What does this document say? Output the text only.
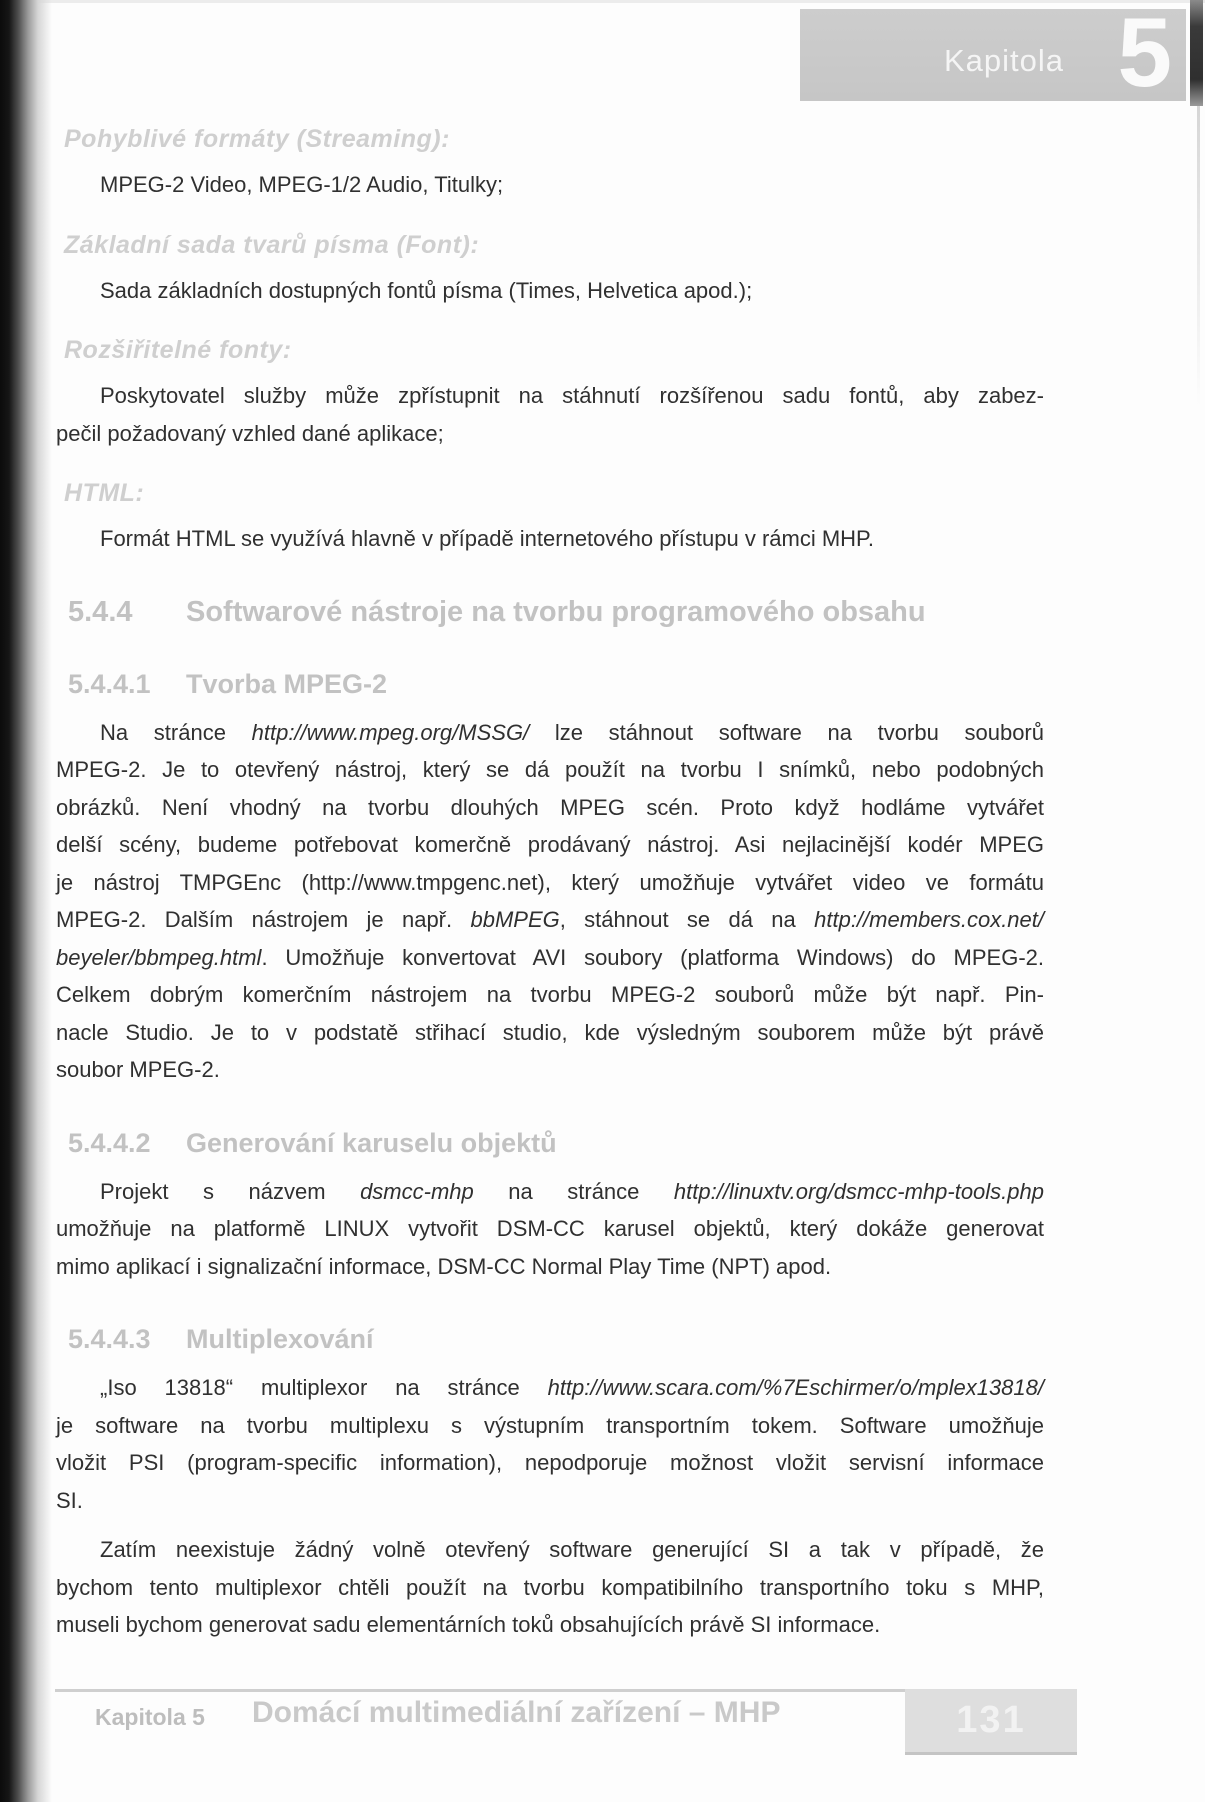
Kapitola 5
Pohyblivé formáty (Streaming):
MPEG-2 Video, MPEG-1/2 Audio, Titulky;
Základní sada tvarů písma (Font):
Sada základních dostupných fontů písma (Times, Helvetica apod.);
Rozšiřitelné fonty:
Poskytovatel služby může zpřístupnit na stáhnutí rozšířenou sadu fontů, aby zabez-
pečil požadovaný vzhled dané aplikace;
HTML:
Formát HTML se využívá hlavně v případě internetového přístupu v rámci MHP.
5.4.4	Softwarové nástroje na tvorbu programového obsahu
5.4.4.1	Tvorba MPEG-2
Na stránce http://www.mpeg.org/MSSG/ lze stáhnout software na tvorbu souborů
MPEG-2. Je to otevřený nástroj, který se dá použít na tvorbu I snímků, nebo podobných
obrázků. Není vhodný na tvorbu dlouhých MPEG scén. Proto když hodláme vytvářet
delší scény, budeme potřebovat komerčně prodávaný nástroj. Asi nejlacinější kodér MPEG
je nástroj TMPGEnc (http://www.tmpgenc.net), který umožňuje vytvářet video ve formátu
MPEG-2. Dalším nástrojem je např. bbMPEG, stáhnout se dá na http://members.cox.net/
beyeler/bbmpeg.html. Umožňuje konvertovat AVI soubory (platforma Windows) do MPEG-2.
Celkem dobrým komerčním nástrojem na tvorbu MPEG-2 souborů může být např. Pin-
nacle Studio. Je to v podstatě střihací studio, kde výsledným souborem může být právě
soubor MPEG-2.
5.4.4.2	Generování karuselu objektů
Projekt s názvem dsmcc-mhp na stránce http://linuxtv.org/dsmcc-mhp-tools.php
umožňuje na platformě LINUX vytvořit DSM-CC karusel objektů, který dokáže generovat
mimo aplikací i signalizační informace, DSM-CC Normal Play Time (NPT) apod.
5.4.4.3	Multiplexování
„Iso 13818“ multiplexor na stránce http://www.scara.com/%7Eschirmer/o/mplex13818/
je software na tvorbu multiplexu s výstupním transportním tokem. Software umožňuje
vložit PSI (program-specific information), nepodporuje možnost vložit servisní informace
SI.
Zatím neexistuje žádný volně otevřený software generující SI a tak v případě, že
bychom tento multiplexor chtěli použít na tvorbu kompatibilního transportního toku s MHP,
museli bychom generovat sadu elementárních toků obsahujících právě SI informace.
Kapitola 5 Domácí multimediální zařízení – MHP	131
